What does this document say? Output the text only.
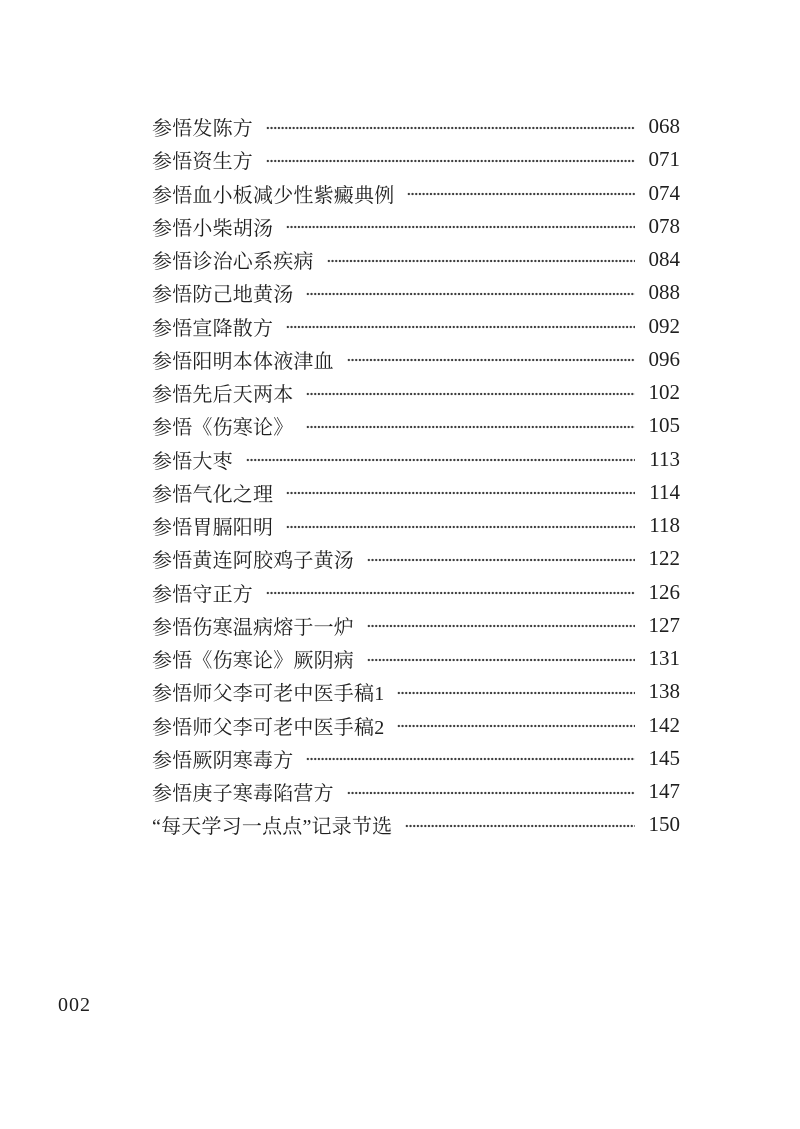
参悟发陈方	068
参悟资生方	071
参悟血小板减少性紫癜典例	074
参悟小柴胡汤	078
参悟诊治心系疾病	084
参悟防己地黄汤	088
参悟宣降散方	092
参悟阳明本体液津血	096
参悟先后天两本	102
参悟《伤寒论》	105
参悟大枣	113
参悟气化之理	114
参悟胃膈阳明	118
参悟黄连阿胶鸡子黄汤	122
参悟守正方	126
参悟伤寒温病熔于一炉	127
参悟《伤寒论》厥阴病	131
参悟师父李可老中医手稿1	138
参悟师父李可老中医手稿2	142
参悟厥阴寒毒方	145
参悟庚子寒毒陷营方	147
“每天学习一点点”记录节选	150
002
